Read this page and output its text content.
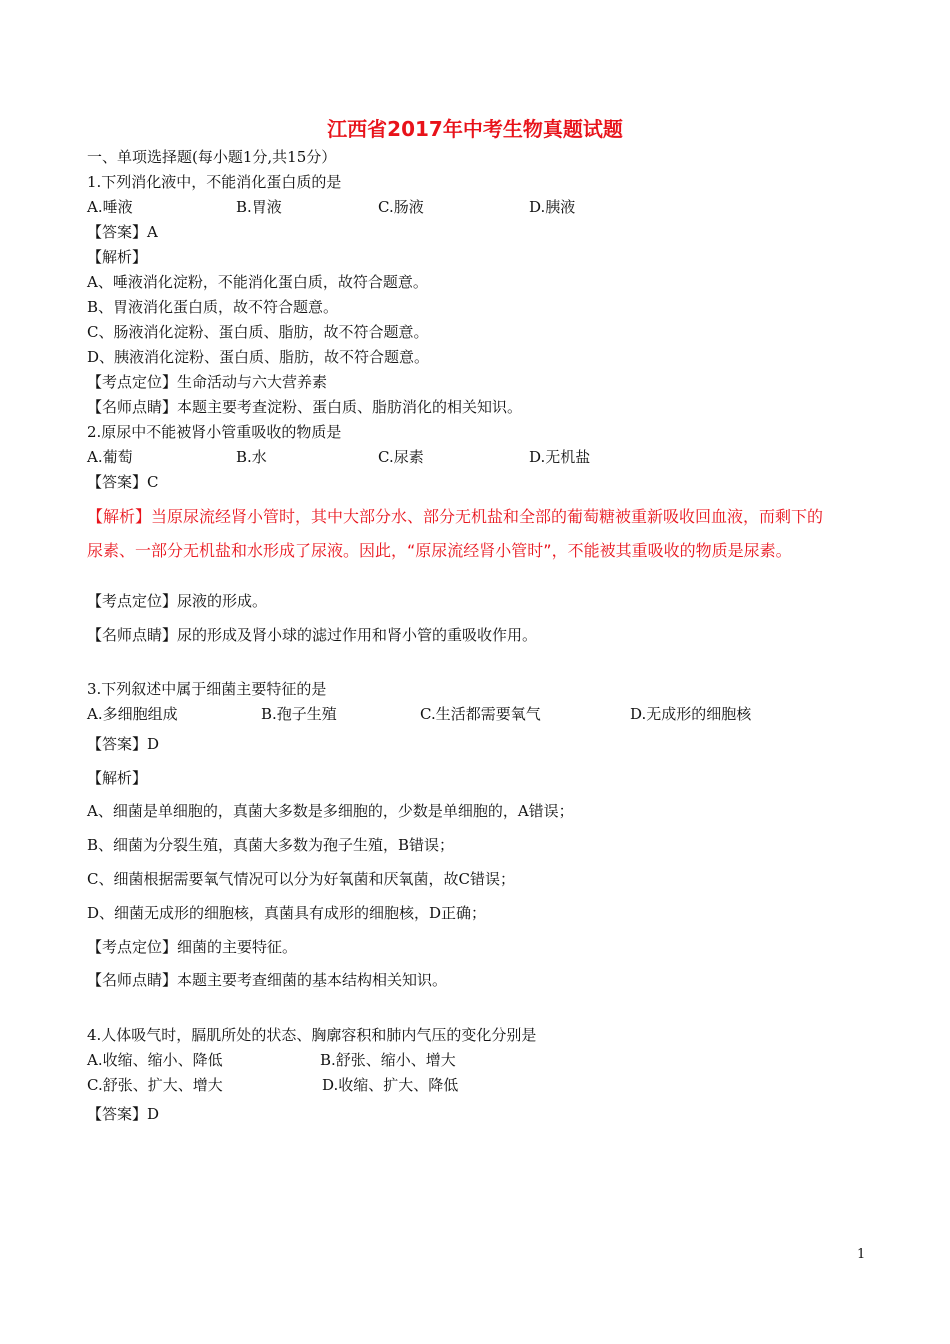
江西省2017年中考生物真题试题
一、单项选择题(每小题1分,共15分）
1.下列消化液中，不能消化蛋白质的是
A.唾液	B.胃液	C.肠液	D.胰液
【答案】A
【解析】
A、唾液消化淀粉，不能消化蛋白质，故符合题意。
B、胃液消化蛋白质，故不符合题意。
C、肠液消化淀粉、蛋白质、脂肪，故不符合题意。
D、胰液消化淀粉、蛋白质、脂肪，故不符合题意。
【考点定位】生命活动与六大营养素
【名师点睛】本题主要考查淀粉、蛋白质、脂肪消化的相关知识。
2.原尿中不能被肾小管重吸收的物质是
A.葡萄	B.水	C.尿素	D.无机盐
【答案】C
【解析】当原尿流经肾小管时，其中大部分水、部分无机盐和全部的葡萄糖被重新吸收回血液，而剩下的
尿素、一部分无机盐和水形成了尿液。因此，“原尿流经肾小管时”，不能被其重吸收的物质是尿素。
【考点定位】尿液的形成。
【名师点睛】尿的形成及肾小球的滤过作用和肾小管的重吸收作用。
3.下列叙述中属于细菌主要特征的是
A.多细胞组成	B.孢子生殖	C.生活都需要氧气	D.无成形的细胞核
【答案】D
【解析】
A、细菌是单细胞的，真菌大多数是多细胞的，少数是单细胞的，A错误；
B、细菌为分裂生殖，真菌大多数为孢子生殖，B错误；
C、细菌根据需要氧气情况可以分为好氧菌和厌氧菌，故C错误；
D、细菌无成形的细胞核，真菌具有成形的细胞核，D正确；
【考点定位】细菌的主要特征。
【名师点睛】本题主要考查细菌的基本结构相关知识。
4.人体吸气时，膈肌所处的状态、胸廓容积和肺内气压的变化分别是
A.收缩、缩小、降低	B.舒张、缩小、增大
C.舒张、扩大、增大	D.收缩、扩大、降低
【答案】D
1
